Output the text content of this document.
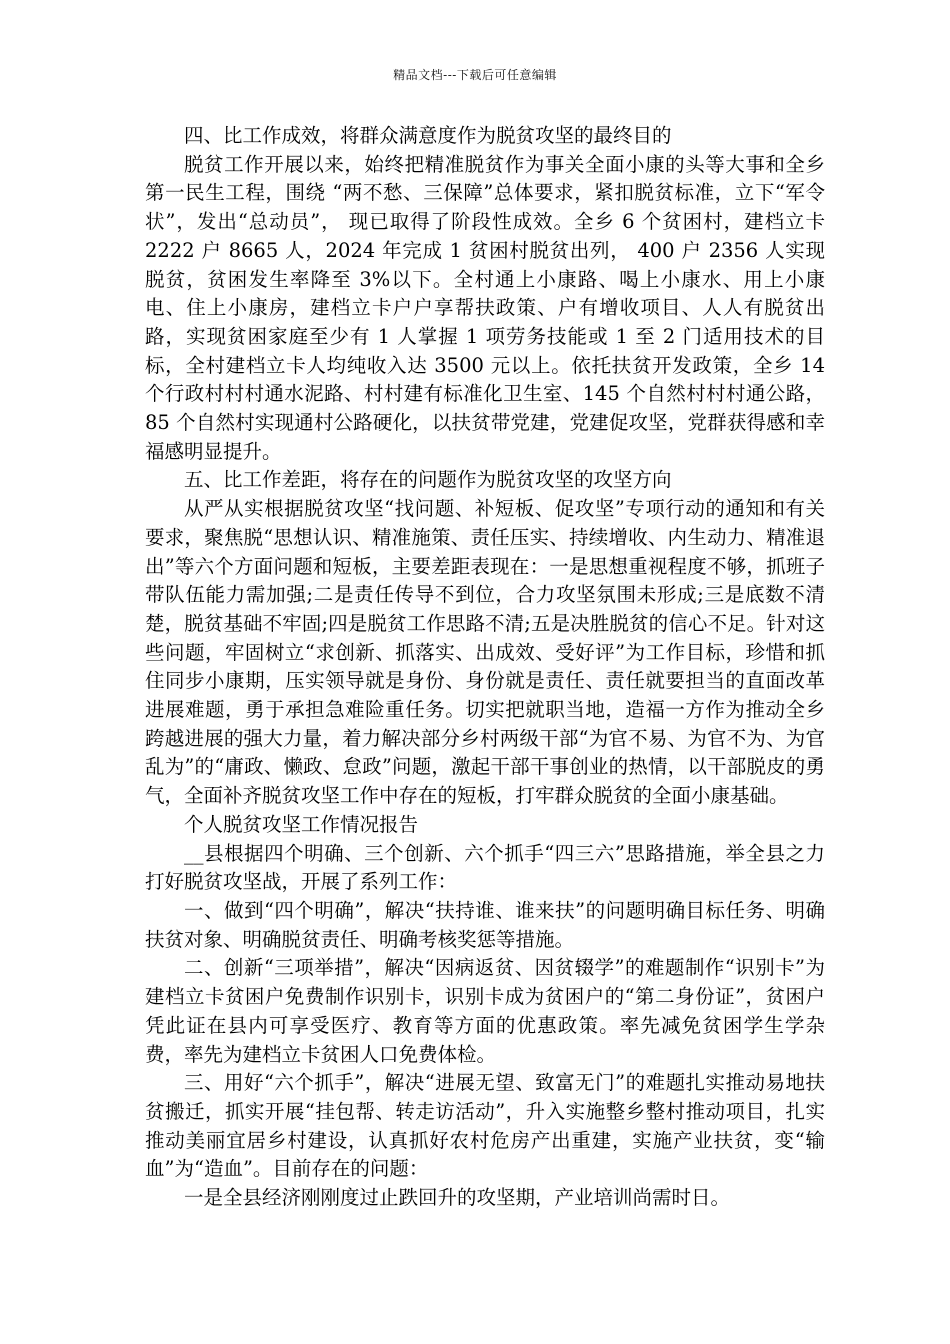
精品文档---下载后可任意编辑

四、比工作成效，将群众满意度作为脱贫攻坚的最终目的

脱贫工作开展以来，始终把精准脱贫作为事关全面小康的头等大事和全乡第一民生工程，围绕 “两不愁、三保障”总体要求，紧扣脱贫标准，立下“军令状”，发出“总动员”， 现已取得了阶段性成效。全乡 6 个贫困村，建档立卡 2222 户 8665 人，2024 年完成 1 贫困村脱贫出列， 400 户 2356 人实现脱贫，贫困发生率降至 3%以下。全村通上小康路、喝上小康水、用上小康电、住上小康房，建档立卡户户享帮扶政策、户有增收项目、人人有脱贫出路，实现贫困家庭至少有 1 人掌握 1 项劳务技能或 1 至 2 门适用技术的目标，全村建档立卡人均纯收入达 3500 元以上。依托扶贫开发政策，全乡 14 个行政村村村通水泥路、村村建有标准化卫生室、145 个自然村村村通公路，85 个自然村实现通村公路硬化，以扶贫带党建，党建促攻坚，党群获得感和幸福感明显提升。

五、比工作差距，将存在的问题作为脱贫攻坚的攻坚方向

从严从实根据脱贫攻坚“找问题、补短板、促攻坚”专项行动的通知和有关要求，聚焦脱“思想认识、精准施策、责任压实、持续增收、内生动力、精准退出”等六个方面问题和短板，主要差距表现在：一是思想重视程度不够，抓班子带队伍能力需加强;二是责任传导不到位，合力攻坚氛围未形成;三是底数不清楚，脱贫基础不牢固;四是脱贫工作思路不清;五是决胜脱贫的信心不足。针对这些问题，牢固树立“求创新、抓落实、出成效、受好评”为工作目标，珍惜和抓住同步小康期，压实领导就是身份、身份就是责任、责任就要担当的直面改革进展难题，勇于承担急难险重任务。切实把就职当地，造福一方作为推动全乡跨越进展的强大力量，着力解决部分乡村两级干部“为官不易、为官不为、为官乱为”的“庸政、懒政、怠政”问题，激起干部干事创业的热情，以干部脱皮的勇气，全面补齐脱贫攻坚工作中存在的短板，打牢群众脱贫的全面小康基础。

个人脱贫攻坚工作情况报告

__县根据四个明确、三个创新、六个抓手“四三六”思路措施，举全县之力打好脱贫攻坚战，开展了系列工作：

一、做到“四个明确”，解决“扶持谁、谁来扶”的问题明确目标任务、明确扶贫对象、明确脱贫责任、明确考核奖惩等措施。

二、创新“三项举措”，解决“因病返贫、因贫辍学”的难题制作“识别卡”为建档立卡贫困户免费制作识别卡，识别卡成为贫困户的“第二身份证”，贫困户凭此证在县内可享受医疗、教育等方面的优惠政策。率先减免贫困学生学杂费，率先为建档立卡贫困人口免费体检。

三、用好“六个抓手”，解决“进展无望、致富无门”的难题扎实推动易地扶贫搬迁，抓实开展“挂包帮、转走访活动”，升入实施整乡整村推动项目，扎实推动美丽宜居乡村建设，认真抓好农村危房产出重建，实施产业扶贫，变“输血”为“造血”。目前存在的问题：

一是全县经济刚刚度过止跌回升的攻坚期，产业培训尚需时日。
